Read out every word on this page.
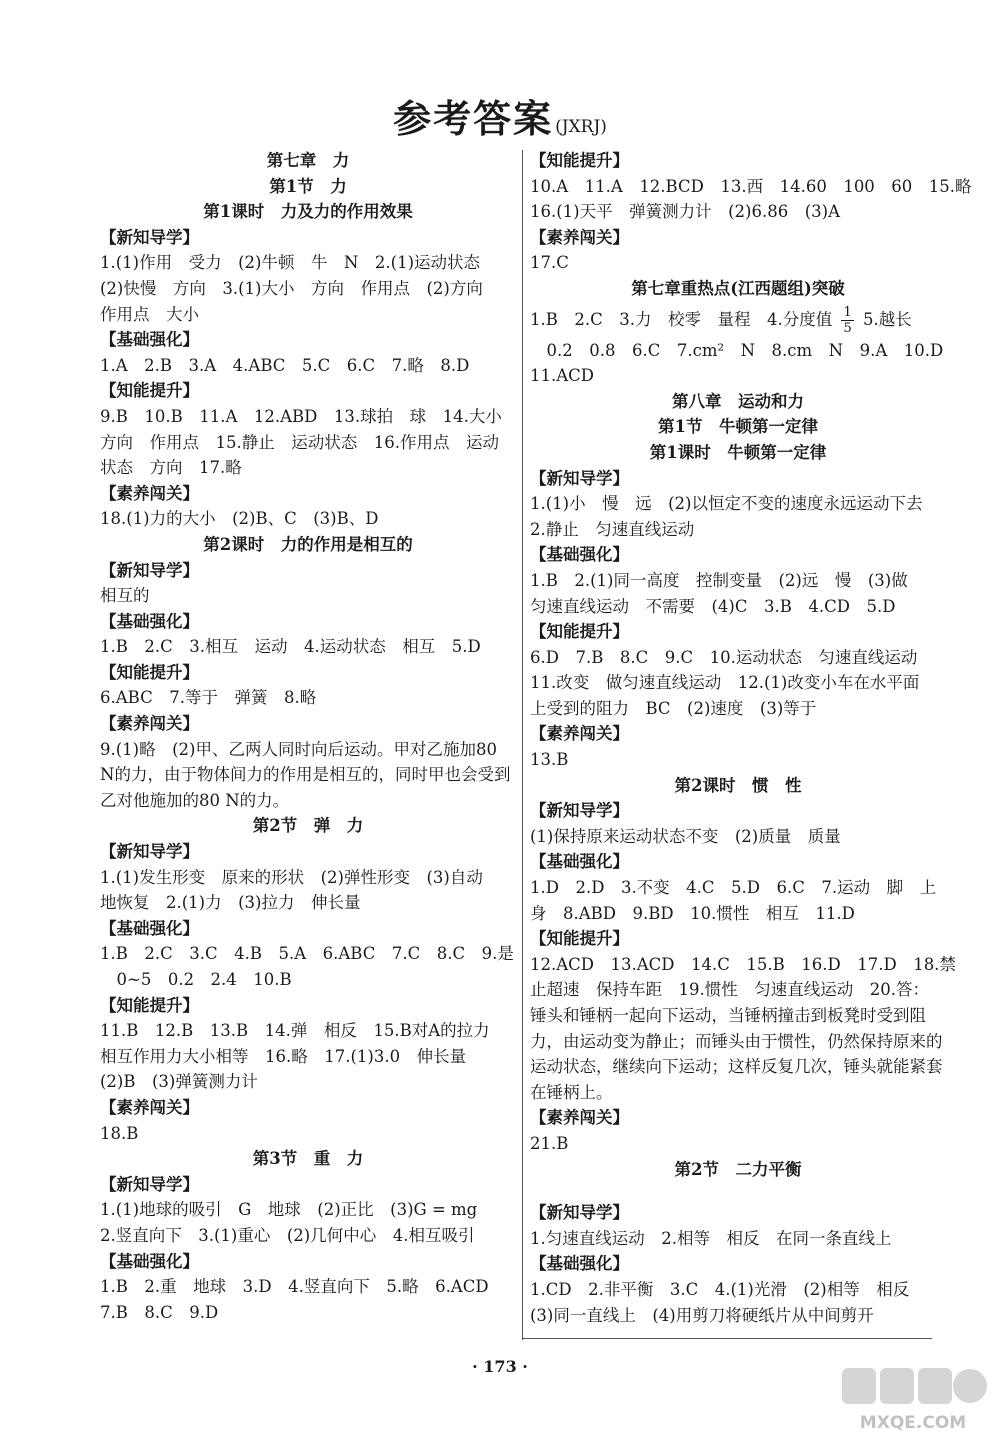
参考答案 (JXRJ)
第七章　力
第1节　力
第1课时　力及力的作用效果
【新知导学】
1.(1)作用　受力　(2)牛顿　牛　N　2.(1)运动状态
(2)快慢　方向　3.(1)大小　方向　作用点　(2)方向
作用点　大小
【基础强化】
1.A　2.B　3.A　4.ABC　5.C　6.C　7.略　8.D
【知能提升】
9.B　10.B　11.A　12.ABD　13.球拍　球　14.大小
方向　作用点　15.静止　运动状态　16.作用点　运动
状态　方向　17.略
【素养闯关】
18.(1)力的大小　(2)B、C　(3)B、D
第2课时　力的作用是相互的
【新知导学】
相互的
【基础强化】
1.B　2.C　3.相互　运动　4.运动状态　相互　5.D
【知能提升】
6.ABC　7.等于　弹簧　8.略
【素养闯关】
9.(1)略　(2)甲、乙两人同时向后运动。甲对乙施加80
N的力，由于物体间力的作用是相互的，同时甲也会受到
乙对他施加的80 N的力。
第2节　弹　力
【新知导学】
1.(1)发生形变　原来的形状　(2)弹性形变　(3)自动
地恢复　2.(1)力　(3)拉力　伸长量
【基础强化】
1.B　2.C　3.C　4.B　5.A　6.ABC　7.C　8.C　9.是
　0~5　0.2　2.4　10.B
【知能提升】
11.B　12.B　13.B　14.弹　相反　15.B对A的拉力
相互作用力大小相等　16.略　17.(1)3.0　伸长量
(2)B　(3)弹簧测力计
【素养闯关】
18.B
第3节　重　力
【新知导学】
1.(1)地球的吸引　G　地球　(2)正比　(3)G = mg
2.竖直向下　3.(1)重心　(2)几何中心　4.相互吸引
【基础强化】
1.B　2.重　地球　3.D　4.竖直向下　5.略　6.ACD
7.B　8.C　9.D
【知能提升】
10.A　11.A　12.BCD　13.西　14.60　100　60　15.略
16.(1)天平　弹簧测力计　(2)6.86　(3)A
【素养闯关】
17.C
第七章重热点(江西题组)突破
1.B　2.C　3.力　校零　量程　4.分度值 $\frac{1}{5} 5$.越长
　0.2　0.8　6.C　7.cm²　N　8.cm　N　9.A　10.D
11.ACD
第八章　运动和力
第1节　牛顿第一定律
第1课时　牛顿第一定律
【新知导学】
1.(1)小　慢　远　(2)以恒定不变的速度永远运动下去
2.静止　匀速直线运动
【基础强化】
1.B　2.(1)同一高度　控制变量　(2)远　慢　(3)做
匀速直线运动　不需要　(4)C　3.B　4.CD　5.D
【知能提升】
6.D　7.B　8.C　9.C　10.运动状态　匀速直线运动
11.改变　做匀速直线运动　12.(1)改变小车在水平面
上受到的阻力　BC　(2)速度　(3)等于
【素养闯关】
13.B
第2课时　惯　性
【新知导学】
(1)保持原来运动状态不变　(2)质量　质量
【基础强化】
1.D　2.D　3.不变　4.C　5.D　6.C　7.运动　脚　上
身　8.ABD　9.BD　10.惯性　相互　11.D
【知能提升】
12.ACD　13.ACD　14.C　15.B　16.D　17.D　18.禁
止超速　保持车距　19.惯性　匀速直线运动　20.答：
锤头和锤柄一起向下运动，当锤柄撞击到板凳时受到阻
力，由运动变为静止；而锤头由于惯性，仍然保持原来的
运动状态，继续向下运动；这样反复几次，锤头就能紧套
在锤柄上。
【素养闯关】
21.B
第2节　二力平衡
【新知导学】
1.匀速直线运动　2.相等　相反　在同一条直线上
【基础强化】
1.CD　2.非平衡　3.C　4.(1)光滑　(2)相等　相反
(3)同一直线上　(4)用剪刀将硬纸片从中间剪开
· 173 ·
MXQE.COM
